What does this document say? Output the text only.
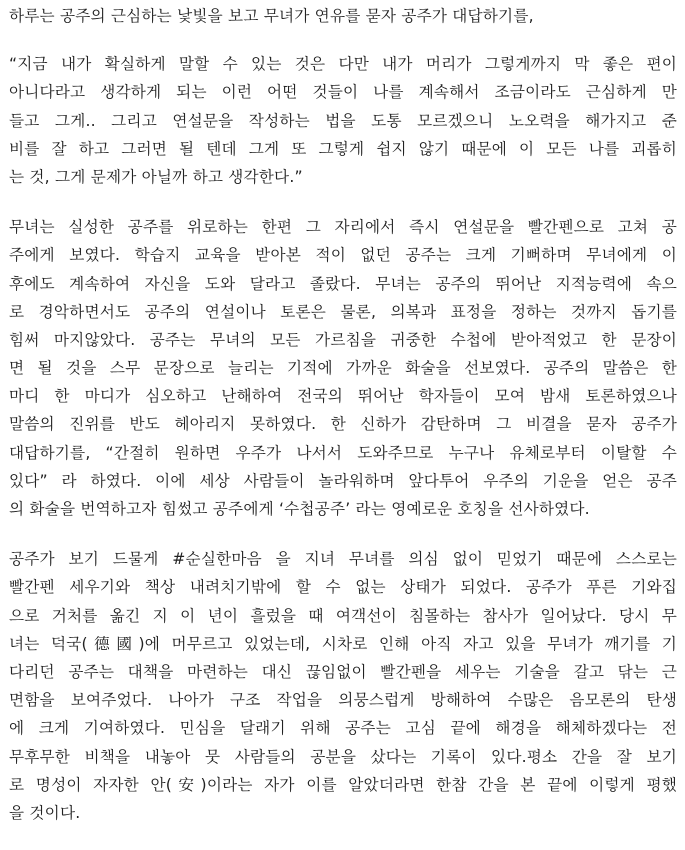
하루는 공주의 근심하는 낯빛을 보고 무녀가 연유를 묻자 공주가 대답하기를,
“지금 내가 확실하게 말할 수 있는 것은 다만 내가 머리가 그렇게까지 막 좋은 편이
아니다라고 생각하게 되는 이런 어떤 것들이 나를 계속해서 조금이라도 근심하게 만
들고 그게.. 그리고 연설문을 작성하는 법을 도통 모르겠으니 노오력을 해가지고 준
비를 잘 하고 그러면 될 텐데 그게 또 그렇게 쉽지 않기 때문에 이 모든 나를 괴롭히
는 것, 그게 문제가 아닐까 하고 생각한다.”
무녀는 실성한 공주를 위로하는 한편 그 자리에서 즉시 연설문을 빨간펜으로 고쳐 공
주에게 보였다. 학습지 교육을 받아본 적이 없던 공주는 크게 기뻐하며 무녀에게 이
후에도 계속하여 자신을 도와 달라고 졸랐다. 무녀는 공주의 뛰어난 지적능력에 속으
로 경악하면서도 공주의 연설이나 토론은 물론, 의복과 표정을 정하는 것까지 돕기를
힘써 마지않았다. 공주는 무녀의 모든 가르침을 귀중한 수첩에 받아적었고 한 문장이
면 될 것을 스무 문장으로 늘리는 기적에 가까운 화술을 선보였다. 공주의 말씀은 한
마디 한 마디가 심오하고 난해하여 전국의 뛰어난 학자들이 모여 밤새 토론하였으나
말씀의 진위를 반도 헤아리지 못하였다. 한 신하가 감탄하며 그 비결을 묻자 공주가
대답하기를, “간절히 원하면 우주가 나서서 도와주므로 누구나 유체로부터 이탈할 수
있다” 라 하였다. 이에 세상 사람들이 놀라워하며 앞다투어 우주의 기운을 얻은 공주
의 화술을 번역하고자 힘썼고 공주에게 ‘수첩공주’ 라는 영예로운 호칭을 선사하였다.
공주가 보기 드물게 #순실한마음 을 지녀 무녀를 의심 없이 믿었기 때문에 스스로는
빨간펜 세우기와 책상 내려치기밖에 할 수 없는 상태가 되었다. 공주가 푸른 기와집
으로 거처를 옮긴 지 이 년이 흘렀을 때 여객선이 침몰하는 참사가 일어났다. 당시 무
녀는 덕국(德國)에 머무르고 있었는데, 시차로 인해 아직 자고 있을 무녀가 깨기를 기
다리던 공주는 대책을 마련하는 대신 끊임없이 빨간펜을 세우는 기술을 갈고 닦는 근
면함을 보여주었다. 나아가 구조 작업을 의뭉스럽게 방해하여 수많은 음모론의 탄생
에 크게 기여하였다. 민심을 달래기 위해 공주는 고심 끝에 해경을 해체하겠다는 전
무후무한 비책을 내놓아 뭇 사람들의 공분을 샀다는 기록이 있다.평소 간을 잘 보기
로 명성이 자자한 안(安)이라는 자가 이를 알았더라면 한참 간을 본 끝에 이렇게 평했
을 것이다.
